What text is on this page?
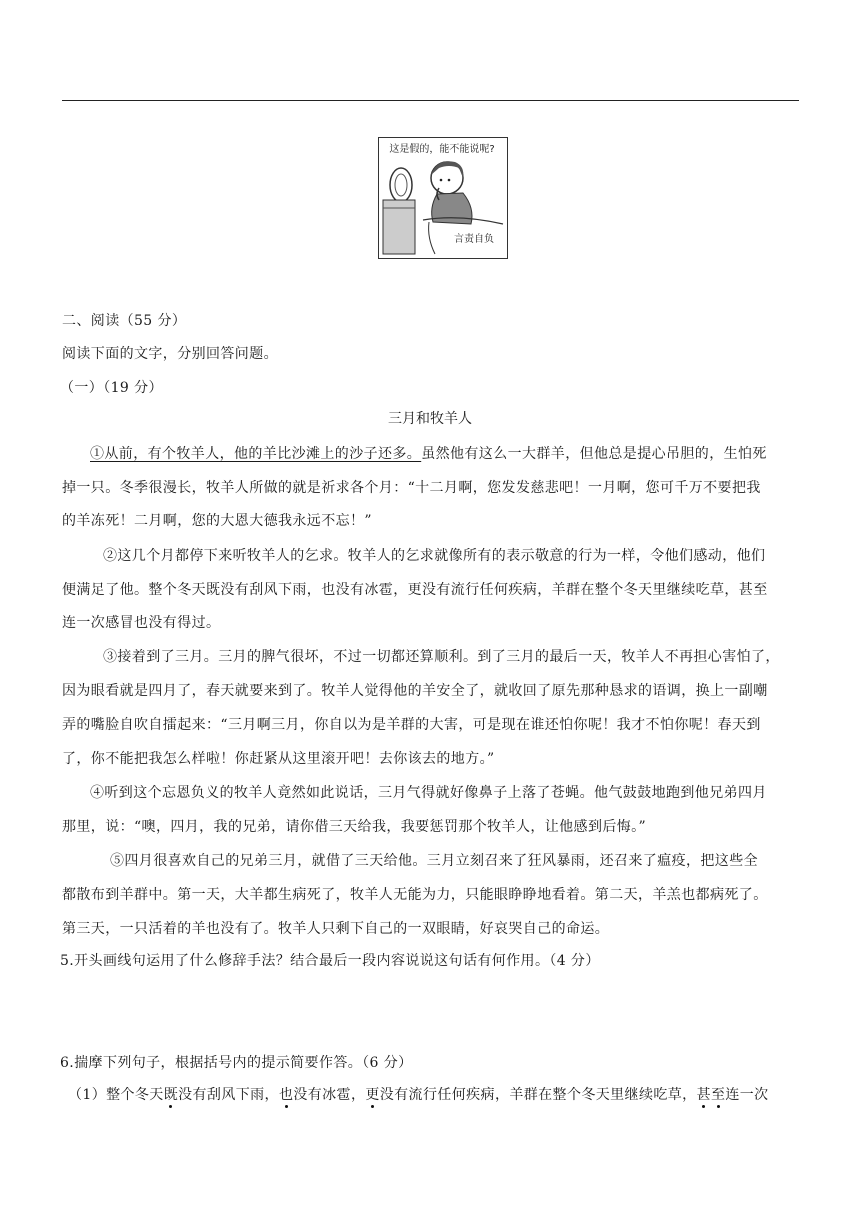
这是假的，能不能说呢?
言责自负
二、阅读（55 分）
阅读下面的文字，分别回答问题。
（一）（19 分）
三月和牧羊人
①从前，有个牧羊人，他的羊比沙滩上的沙子还多。虽然他有这么一大群羊，但他总是提心吊胆的，生怕死
掉一只。冬季很漫长，牧羊人所做的就是祈求各个月：“十二月啊，您发发慈悲吧！一月啊，您可千万不要把我
的羊冻死！二月啊，您的大恩大德我永远不忘！”
②这几个月都停下来听牧羊人的乞求。牧羊人的乞求就像所有的表示敬意的行为一样，令他们感动，他们
便满足了他。整个冬天既没有刮风下雨，也没有冰雹，更没有流行任何疾病，羊群在整个冬天里继续吃草，甚至
连一次感冒也没有得过。
③接着到了三月。三月的脾气很坏，不过一切都还算顺利。到了三月的最后一天，牧羊人不再担心害怕了，
因为眼看就是四月了，春天就要来到了。牧羊人觉得他的羊安全了，就收回了原先那种恳求的语调，换上一副嘲
弄的嘴脸自吹自擂起来：“三月啊三月，你自以为是羊群的大害，可是现在谁还怕你呢！我才不怕你呢！春天到
了，你不能把我怎么样啦！你赶紧从这里滚开吧！去你该去的地方。”
④听到这个忘恩负义的牧羊人竟然如此说话，三月气得就好像鼻子上落了苍蝇。他气鼓鼓地跑到他兄弟四月
那里，说：“噢，四月，我的兄弟，请你借三天给我，我要惩罚那个牧羊人，让他感到后悔。”
⑤四月很喜欢自己的兄弟三月，就借了三天给他。三月立刻召来了狂风暴雨，还召来了瘟疫，把这些全
都散布到羊群中。第一天，大羊都生病死了，牧羊人无能为力，只能眼睁睁地看着。第二天，羊羔也都病死了。
第三天，一只活着的羊也没有了。牧羊人只剩下自己的一双眼睛，好哀哭自己的命运。
5.开头画线句运用了什么修辞手法？结合最后一段内容说说这句话有何作用。（4 分）
6.揣摩下列句子，根据括号内的提示简要作答。（6 分）
（1）整个冬天既没有刮风下雨，也没有冰雹，更没有流行任何疾病，羊群在整个冬天里继续吃草，甚至连一次
